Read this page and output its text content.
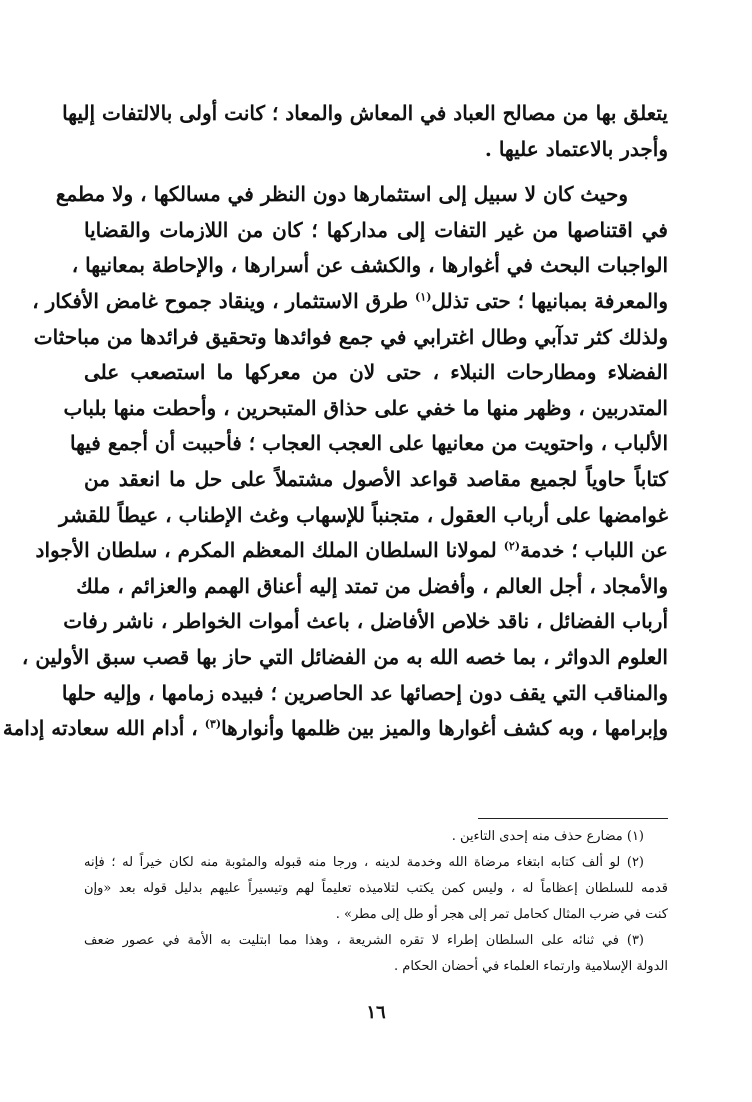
يتعلق بها من مصالح العباد في المعاش والمعاد ؛ كانت أولى بالالتفات إليها
وأجدر بالاعتماد عليها .
وحيث كان لا سبيل إلى استثمارها دون النظر في مسالكها ، ولا مطمع
في اقتناصها من غير التفات إلى مداركها ؛ كان من اللازمات والقضايا
الواجبات البحث في أغوارها ، والكشف عن أسرارها ، والإحاطة بمعانيها ،
والمعرفة بمبانيها ؛ حتى تذلل$^{(١)}$ طرق الاستثمار ، وينقاد جموح غامض الأفكار ،
ولذلك كثر تدآبي وطال اغترابي في جمع فوائدها وتحقيق فرائدها من مباحثات
الفضلاء ومطارحات النبلاء ، حتى لان من معركها ما استصعب على
المتدربين ، وظهر منها ما خفي على حذاق المتبحرين ، وأحطت منها بلباب
الألباب ، واحتويت من معانيها على العجب العجاب ؛ فأحببت أن أجمع فيها
كتاباً حاوياً لجميع مقاصد قواعد الأصول مشتملاً على حل ما انعقد من
غوامضها على أرباب العقول ، متجنباً للإسهاب وغث الإطناب ، عيطاً للقشر
عن اللباب ؛ خدمة$^{(٢)}$ لمولانا السلطان الملك المعظم المكرم ، سلطان الأجواد
والأمجاد ، أجل العالم ، وأفضل من تمتد إليه أعناق الهمم والعزائم ، ملك
أرباب الفضائل ، ناقد خلاص الأفاضل ، باعث أموات الخواطر ، ناشر رفات
العلوم الدواثر ، بما خصه الله به من الفضائل التي حاز بها قصب سبق الأولين ،
والمناقب التي يقف دون إحصائها عد الحاصرين ؛ فبيده زمامها ، وإليه حلها
وإبرامها ، وبه كشف أغوارها والميز بين ظلمها وأنوارها$^{(٣)}$ ، أدام الله سعادته إدامة
(١) مضارع حذف منه إحدى التاءين .
(٢) لو ألف كتابه ابتغاء مرضاة الله وخدمة لدينه ، ورجا منه قبوله والمثوبة منه لكان خيراً له ؛ فإنه
قدمه للسلطان إعظاماً له ، وليس كمن يكتب لتلاميذه تعليماً لهم وتيسيراً عليهم بدليل قوله بعد «وإن
كنت في ضرب المثال كحامل تمر إلى هجر أو طل إلى مطر» .
(٣) في ثنائه على السلطان إطراء لا تقره الشريعة ، وهذا مما ابتليت به الأمة في عصور ضعف
الدولة الإسلامية وارتماء العلماء في أحضان الحكام .
١٦
